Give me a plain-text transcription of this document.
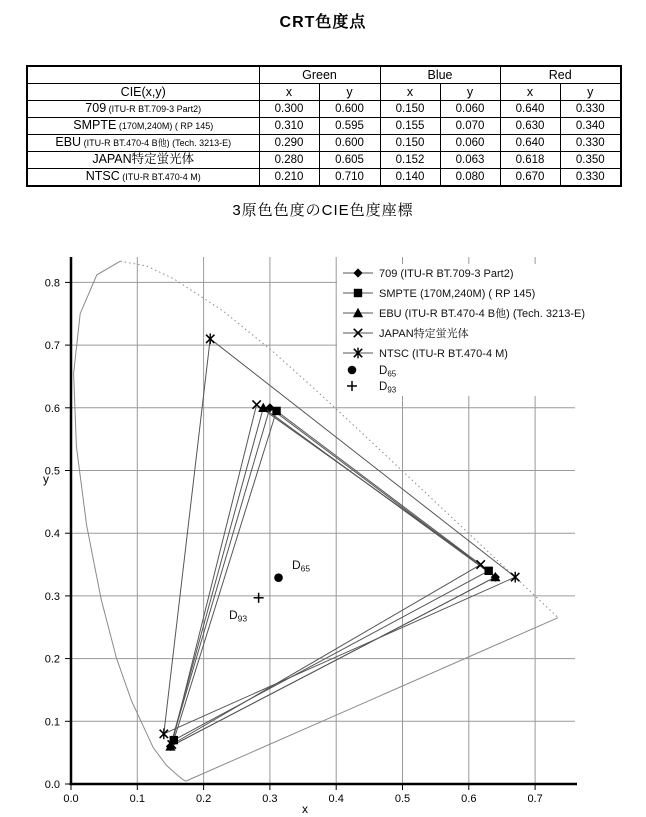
CRT色度点
	Green		Blue		Red	
CIE(x,y)	x	y	x	y	x	y
709 (ITU-R BT.709-3 Part2)	0.300	0.600	0.150	0.060	0.640	0.330
SMPTE (170M,240M) ( RP 145)	0.310	0.595	0.155	0.070	0.630	0.340
EBU (ITU-R BT.470-4 B他) (Tech. 3213-E)	0.290	0.600	0.150	0.060	0.640	0.330
JAPAN特定蛍光体	0.280	0.605	0.152	0.063	0.618	0.350
NTSC (ITU-R BT.470-4 M)	0.210	0.710	0.140	0.080	0.670	0.330
3原色色度のCIE色度座標
0.0
0.1
0.2
0.3
0.4
0.5
0.6
0.7
0.8
0.0	0.1	0.2	0.3	0.4	0.5	0.6	0.7
y
x
709 (ITU-R BT.709-3 Part2)
SMPTE (170M,240M) ( RP 145)
EBU (ITU-R BT.470-4 B他) (Tech. 3213-E)
JAPAN特定蛍光体
NTSC (ITU-R BT.470-4 M)
$D_{65}$
$D_{93}$
$D_{65}$
$D_{93}$
